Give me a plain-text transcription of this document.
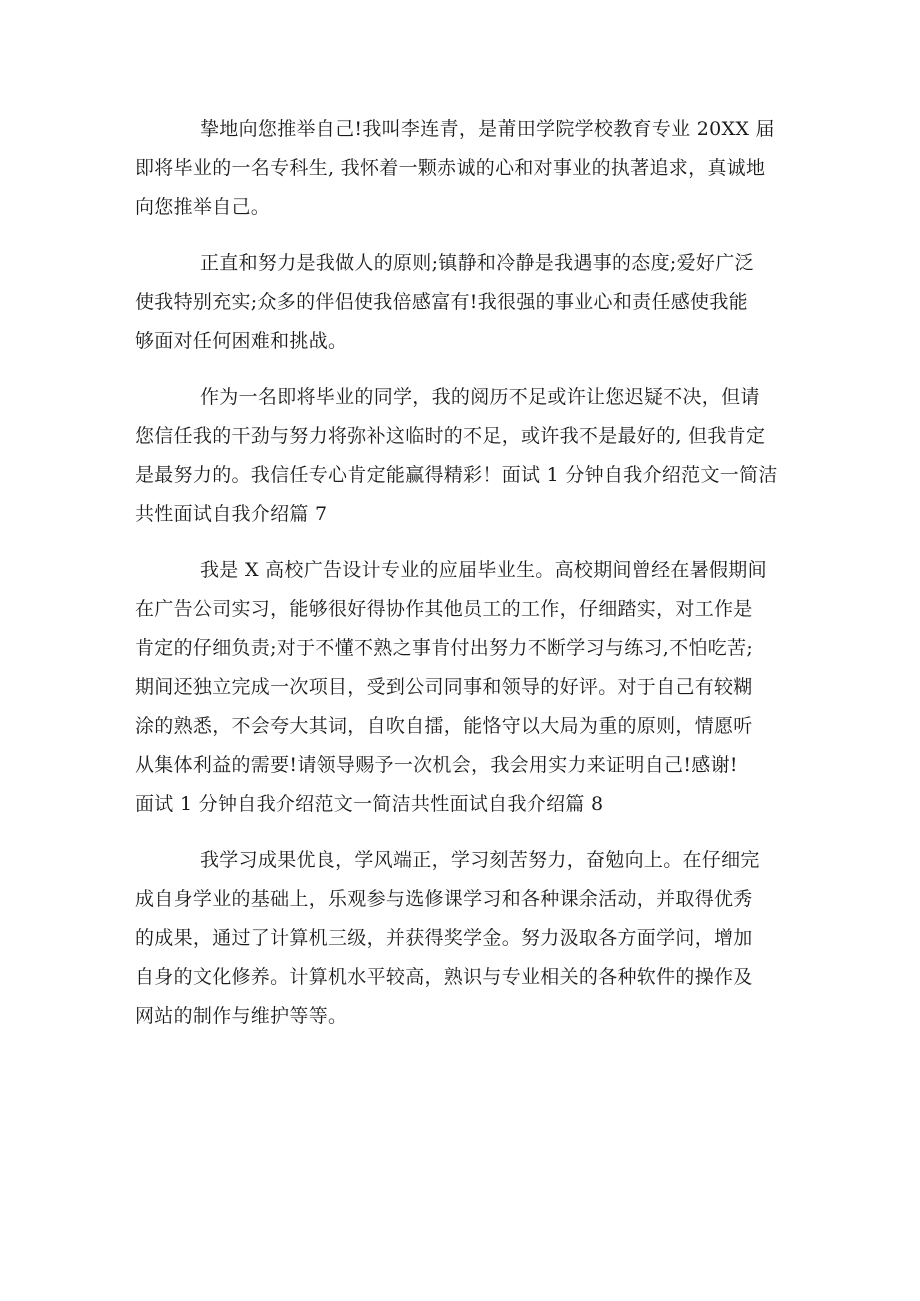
挚地向您推举自己!我叫李连青，是莆田学院学校教育专业 20XX 届
即将毕业的一名专科生, 我怀着一颗赤诚的心和对事业的执著追求，真诚地
向您推举自己。
正直和努力是我做人的原则;镇静和冷静是我遇事的态度;爱好广泛
使我特别充实;众多的伴侣使我倍感富有!我很强的事业心和责任感使我能
够面对任何困难和挑战。
作为一名即将毕业的同学，我的阅历不足或许让您迟疑不决，但请
您信任我的干劲与努力将弥补这临时的不足，或许我不是最好的, 但我肯定
是最努力的。我信任专心肯定能赢得精彩！面试 1 分钟自我介绍范文一简洁
共性面试自我介绍篇 7
我是 X 高校广告设计专业的应届毕业生。高校期间曾经在暑假期间
在广告公司实习，能够很好得协作其他员工的工作，仔细踏实，对工作是
肯定的仔细负责;对于不懂不熟之事肯付出努力不断学习与练习,不怕吃苦;
期间还独立完成一次项目，受到公司同事和领导的好评。对于自己有较糊
涂的熟悉，不会夸大其词，自吹自擂，能恪守以大局为重的原则，情愿听
从集体利益的需要!请领导赐予一次机会，我会用实力来证明自己!感谢!
面试 1 分钟自我介绍范文一简洁共性面试自我介绍篇 8
我学习成果优良，学风端正，学习刻苦努力，奋勉向上。在仔细完
成自身学业的基础上，乐观参与选修课学习和各种课余活动，并取得优秀
的成果，通过了计算机三级，并获得奖学金。努力汲取各方面学问，增加
自身的文化修养。计算机水平较高，熟识与专业相关的各种软件的操作及
网站的制作与维护等等。
